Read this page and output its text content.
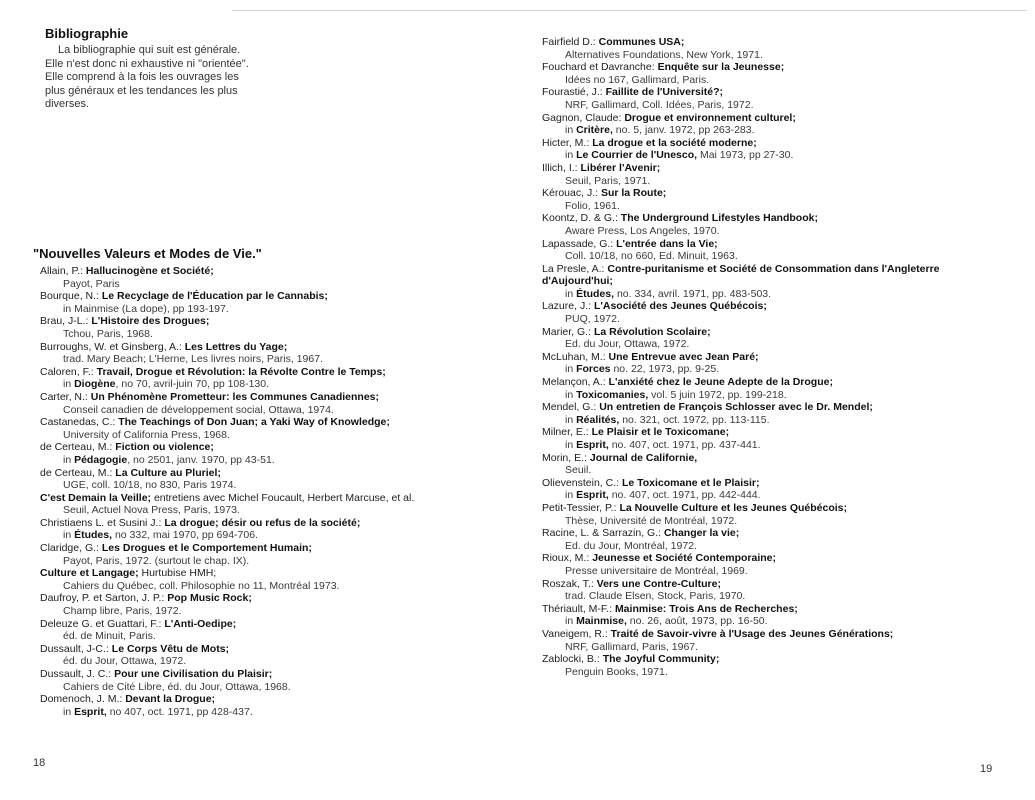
Bibliographie
La bibliographie qui suit est générale.
Elle n'est donc ni exhaustive ni "orientée".
Elle comprend à la fois les ouvrages les
plus généraux et les tendances les plus
diverses.
"Nouvelles Valeurs et Modes de Vie."
Allain, P.: Hallucinogène et Société;
Payot, Paris
Bourque, N.: Le Recyclage de l'Éducation par le Cannabis;
in Mainmise (La dope), pp 193-197.
Brau, J-L.: L'Histoire des Drogues;
Tchou, Paris, 1968.
Burroughs, W. et Ginsberg, A.: Les Lettres du Yage;
trad. Mary Beach; L'Herne, Les livres noirs, Paris, 1967.
Caloren, F.: Travail, Drogue et Révolution: la Révolte Contre le Temps;
in Diogène, no 70, avril-juin 70, pp 108-130.
Carter, N.: Un Phénomène Prometteur: les Communes Canadiennes;
Conseil canadien de développement social, Ottawa, 1974.
Castanedas, C.: The Teachings of Don Juan; a Yaki Way of Knowledge;
University of California Press, 1968.
de Certeau, M.: Fiction ou violence;
in Pédagogie, no 2501, janv. 1970, pp 43-51.
de Certeau, M.: La Culture au Pluriel;
UGE, coll. 10/18, no 830, Paris 1974.
C'est Demain la Veille; entretiens avec Michel Foucault, Herbert Marcuse, et al.
Seuil, Actuel Nova Press, Paris, 1973.
Christiaens L. et Susini J.: La drogue; désir ou refus de la société;
in Études, no 332, mai 1970, pp 694-706.
Claridge, G.: Les Drogues et le Comportement Humain;
Payot, Paris, 1972. (surtout le chap. IX).
Culture et Langage; Hurtubise HMH;
Cahiers du Québec, coll. Philosophie no 11, Montréal 1973.
Daufroy, P. et Sarton, J. P.: Pop Music Rock;
Champ libre, Paris, 1972.
Deleuze G. et Guattari, F.: L'Anti-Oedipe;
éd. de Minuit, Paris.
Dussault, J-C.: Le Corps Vêtu de Mots;
éd. du Jour, Ottawa, 1972.
Dussault, J. C.: Pour une Civilisation du Plaisir;
Cahiers de Cité Libre, éd. du Jour, Ottawa, 1968.
Domenoch, J. M.: Devant la Drogue;
in Esprit, no 407, oct. 1971, pp 428-437.
18
Fairfield D.: Communes USA;
Alternatives Foundations, New York, 1971.
Fouchard et Davranche: Enquête sur la Jeunesse;
Idées no 167, Gallimard, Paris.
Fourastié, J.: Faillite de l'Université?;
NRF, Gallimard, Coll. Idées, Paris, 1972.
Gagnon, Claude: Drogue et environnement culturel;
in Critère, no. 5, janv. 1972, pp 263-283.
Hicter, M.: La drogue et la société moderne;
in Le Courrier de l'Unesco, Mai 1973, pp 27-30.
Illich, I.: Libérer l'Avenir;
Seuil, Paris, 1971.
Kérouac, J.: Sur la Route;
Folio, 1961.
Koontz, D. & G.: The Underground Lifestyles Handbook;
Aware Press, Los Angeles, 1970.
Lapassade, G.: L'entrée dans la Vie;
Coll. 10/18, no 660, Ed. Minuit, 1963.
La Presle, A.: Contre-puritanisme et Société de Consommation dans l'Angleterre
d'Aujourd'hui;
in Études, no. 334, avril. 1971, pp. 483-503.
Lazure, J.: L'Asociété des Jeunes Québécois;
PUQ, 1972.
Marier, G.: La Révolution Scolaire;
Ed. du Jour, Ottawa, 1972.
McLuhan, M.: Une Entrevue avec Jean Paré;
in Forces no. 22, 1973, pp. 9-25.
Melançon, A.: L'anxiété chez le Jeune Adepte de la Drogue;
in Toxicomanies, vol. 5 juin 1972, pp. 199-218.
Mendel, G.: Un entretien de François Schlosser avec le Dr. Mendel;
in Réalités, no. 321, oct. 1972, pp. 113-115.
Milner, E.: Le Plaisir et le Toxicomane;
in Esprit, no. 407, oct. 1971, pp. 437-441.
Morin, E.: Journal de Californie,
Seuil.
Olievenstein, C.: Le Toxicomane et le Plaisir;
in Esprit, no. 407, oct. 1971, pp. 442-444.
Petit-Tessier, P.: La Nouvelle Culture et les Jeunes Québécois;
Thèse, Université de Montréal, 1972.
Racine, L. & Sarrazin, G.: Changer la vie;
Ed. du Jour, Montréal, 1972.
Rioux, M.: Jeunesse et Société Contemporaine;
Presse universitaire de Montréal, 1969.
Roszak, T.: Vers une Contre-Culture;
trad. Claude Elsen, Stock, Paris, 1970.
Thériault, M-F.: Mainmise: Trois Ans de Recherches;
in Mainmise, no. 26, août, 1973, pp. 16-50.
Vaneigem, R.: Traité de Savoir-vivre à l'Usage des Jeunes Générations;
NRF, Gallimard, Paris, 1967.
Zablocki, B.: The Joyful Community;
Penguin Books, 1971.
19
